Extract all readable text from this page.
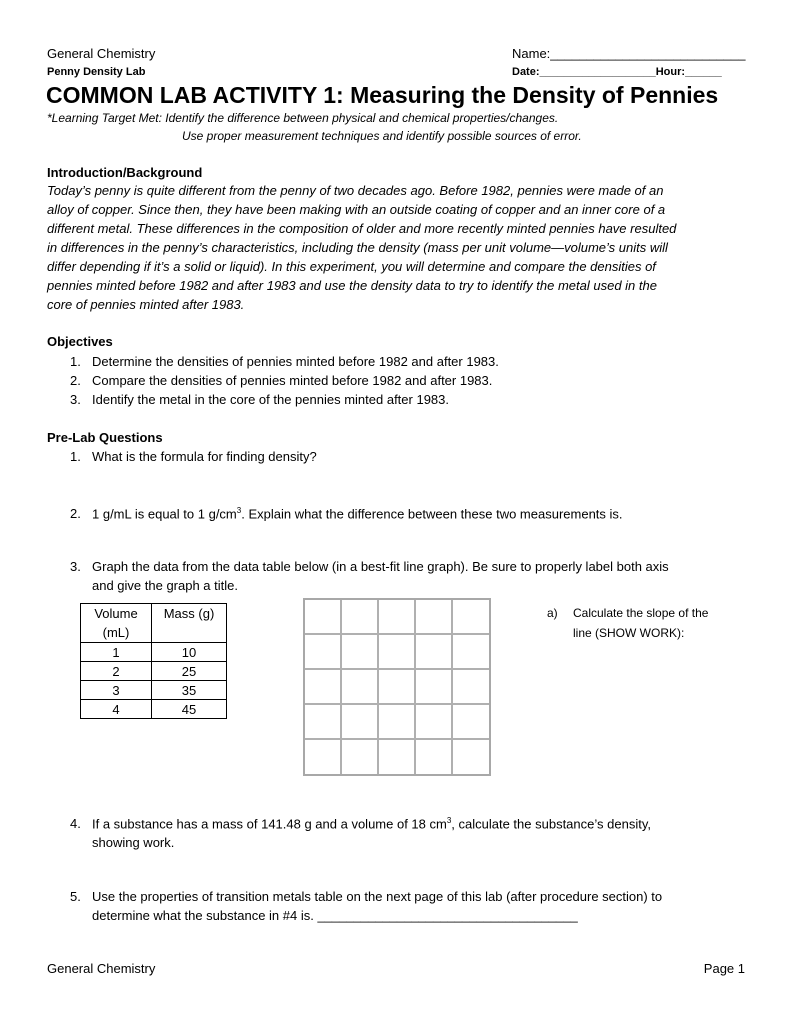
General Chemistry
Penny Density Lab
Name:___________________________
Date:___________________Hour:______
COMMON LAB ACTIVITY 1: Measuring the Density of Pennies
*Learning Target Met: Identify the difference between physical and chemical properties/changes.
Use proper measurement techniques and identify possible sources of error.
Introduction/Background
Today’s penny is quite different from the penny of two decades ago. Before 1982, pennies were made of an
alloy of copper. Since then, they have been making with an outside coating of copper and an inner core of a
different metal. These differences in the composition of older and more recently minted pennies have resulted
in differences in the penny’s characteristics, including the density (mass per unit volume—volume’s units will
differ depending if it’s a solid or liquid). In this experiment, you will determine and compare the densities of
pennies minted before 1982 and after 1983 and use the density data to try to identify the metal used in the
core of pennies minted after 1983.
Objectives
1. Determine the densities of pennies minted before 1982 and after 1983.
2. Compare the densities of pennies minted before 1982 and after 1983.
3. Identify the metal in the core of the pennies minted after 1983.
Pre-Lab Questions
1.What is the formula for finding density?
2. 1 g/mL is equal to 1 $g/cm^3$. Explain what the difference between these two measurements is.
3. Graph the data from the data table below (in a best-fit line graph). Be sure to properly label both axis
and give the graph a title.
Volume (mL)	Mass (g)
1	10
2	25
3	35
4	45
a) Calculate the slope of the
line (SHOW WORK):
4.If a substance has a mass of 141.48 g and a volume of 18 $cm^3$, calculate the substance’s density,
showing work.
5. Use the properties of transition metals table on the next page of this lab (after procedure section) to
determine what the substance in #4 is. ____________________________________
General Chemistry	Page 1
